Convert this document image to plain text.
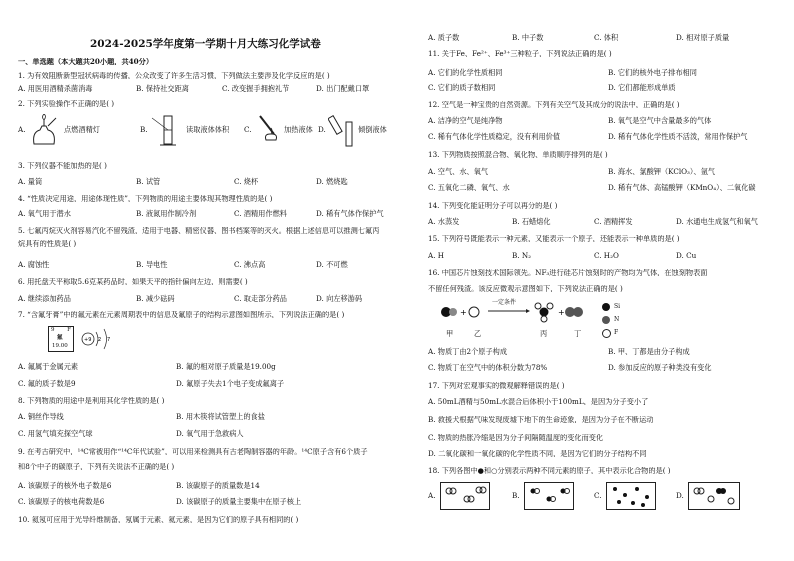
2024-2025学年度第一学期十月大练习化学试卷
一、单选题（本大题共20小题，共40分）
1. 为有效阻断新型冠状病毒的传播，公众改变了许多生活习惯，下列做法主要涉及化学反应的是( )
A. 用医用酒精杀菌消毒	B. 保持社交距离	C. 改变握手拥抱礼节	D. 出门配戴口罩
2. 下列实验操作不正确的是( )
A.	点燃酒精灯	B.	读取液体体积 C.	加热液体 D.	倾倒液体
3. 下列仪器不能加热的是( )
A. 量筒	B. 试管	C. 烧杯	D. 燃烧匙
4. “性质决定用途，用途体现性质”，下列物质的用途主要体现其物理性质的是( )
A. 氧气用于潜水	B. 液氮用作制冷剂	C. 酒精用作燃料	D. 稀有气体作保护气
5. 七氟丙烷灭火剂容易汽化不留残渣，适用于电器、精密仪器、图书档案等的灭火。根据上述信息可以推测七氟丙
烷具有的性质是( )
A. 腐蚀性	B. 导电性	C. 沸点高	D. 不可燃
6. 用托盘天平称取5.6克某药品时，如果天平的指针偏向左边，则需要( )
A. 继续添加药品	B. 减少砝码	C. 取走部分药品	D. 向左移游码
7. “含氟牙膏”中的氟元素在元素周期表中的信息及氟原子的结构示意图如图所示，下列说法正确的是( )
9 F
氟
19.00
+9 2 7
A. 氟属于金属元素	B. 氟的相对原子质量是19.00g
C. 氟的质子数是9	D. 氟原子失去1个电子变成氟离子
8. 下列物质的用途中是利用其化学性质的是( )
A. 铜丝作导线	B. 用木筷将试管塑上的食盐
C. 用氢气填充探空气球	D. 氧气用于急救病人
9. 在考古研究中，¹⁴C常被用作“¹⁴C年代试验”，可以用来检测具有古老陶制容器的年龄。¹⁴C原子含有6个质子
和8个中子的碳原子，下列有关说法不正确的是( )
A. 该碳原子的核外电子数是6	B. 该碳原子的质量数是14
C. 该碳原子的核电荷数是6	D. 该碳原子的质量主要集中在原子核上
10. 氦氖可应用于光导纤维制备，氖属于元素、氦元素，是因为它们的原子具有相同的( )
A. 质子数	B. 中子数	C. 体积	D. 相对原子质量
11. 关于Fe、Fe²⁺、Fe³⁺三种粒子，下列说法正确的是( )
A. 它们的化学性质相同	B. 它们的核外电子排布相同
C. 它们的质子数相同	D. 它们都能形成单质
12. 空气是一种宝贵的自然资源。下列有关空气及其成分的说法中，正确的是( )
A. 洁净的空气是纯净物	B. 氧气是空气中含量最多的气体
C. 稀有气体化学性质稳定，没有利用价值	D. 稀有气体化学性质不活泼，常用作保护气
13. 下列物质按照混合物、氧化物、单质顺序排列的是( )
A. 空气、水、氧气	B. 海水、氯酸钾（KClO₃）、氩气
C. 五氧化二磷、氧气、水	D. 稀有气体、高锰酸钾（KMnO₄）、二氧化碳
14. 下列变化能证明分子可以再分的是( )
A. 水蒸发	B. 石蜡熔化	C. 酒精挥发	D. 水通电生成氢气和氧气
15. 下列符号既能表示一种元素，又能表示一个原子，还能表示一种单质的是( )
A. H	B. N₂	C. H₂O	D. Cu
16. 中国芯片蚀刻技术国际领先。NF₃进行硅芯片蚀刻时的产物均为气体，在蚀刻物表面
不留任何残渣。该反应微观示意图如下，下列说法正确的是( )
+	+
一定条件
甲	乙	丙	丁
Si
N
F
A. 物质丁由2个原子构成	B. 甲、丁都是由分子构成
C. 物质丁在空气中的体积分数为78%	D. 参加反应的原子种类没有变化
17. 下列对宏观事实的微观解释错误的是( )
A. 50mL酒精与50mL水混合后体积小于100mL，是因为分子变小了
B. 救援犬根据气味发现废墟下地下的生命迹象，是因为分子在不断运动
C. 物质的热胀冷缩是因为分子间隔随温度的变化而变化
D. 二氧化碳和一氧化碳的化学性质不同，是因为它们的分子结构不同
18. 下列各图中●和○分别表示两种不同元素的原子，其中表示化合物的是( )
A.	B.	C.	D.
